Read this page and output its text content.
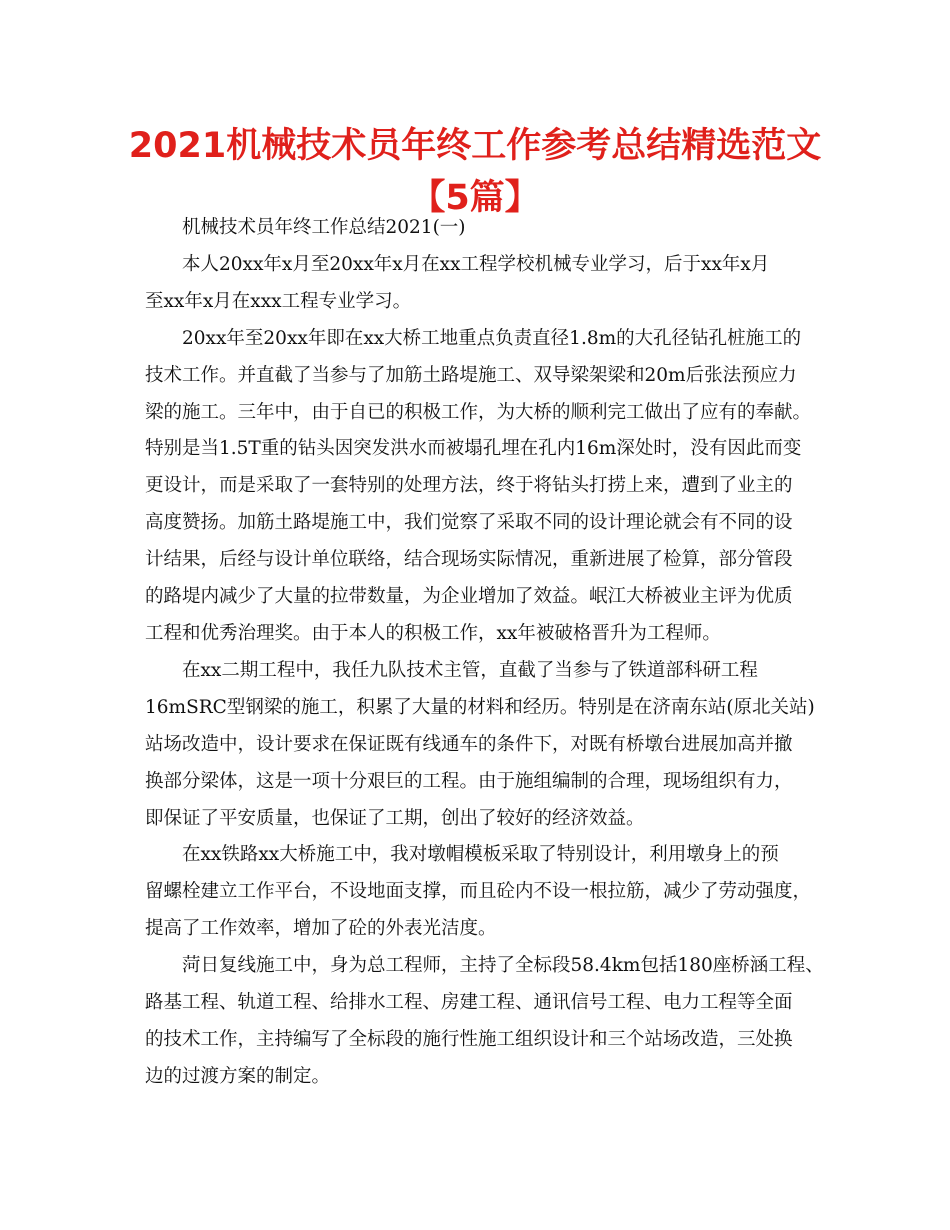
2021机械技术员年终工作参考总结精选范文【5篇】

机械技术员年终工作总结2021(一)

本人20xx年x月至20xx年x月在xx工程学校机械专业学习，后于xx年x月
至xx年x月在xxx工程专业学习。

20xx年至20xx年即在xx大桥工地重点负责直径1.8m的大孔径钻孔桩施工的
技术工作。并直截了当参与了加筋土路堤施工、双导梁架梁和20m后张法预应力
梁的施工。三年中，由于自已的积极工作，为大桥的顺利完工做出了应有的奉献。
特别是当1.5T重的钻头因突发洪水而被塌孔埋在孔内16m深处时，没有因此而变
更设计，而是采取了一套特别的处理方法，终于将钻头打捞上来，遭到了业主的
高度赞扬。加筋土路堤施工中，我们觉察了采取不同的设计理论就会有不同的设
计结果，后经与设计单位联络，结合现场实际情况，重新进展了检算，部分管段
的路堤内减少了大量的拉带数量，为企业增加了效益。岷江大桥被业主评为优质
工程和优秀治理奖。由于本人的积极工作，xx年被破格晋升为工程师。

在xx二期工程中，我任九队技术主管，直截了当参与了铁道部科研工程
16mSRC型钢梁的施工，积累了大量的材料和经历。特别是在济南东站(原北关站)
站场改造中，设计要求在保证既有线通车的条件下，对既有桥墩台进展加高并撤
换部分梁体，这是一项十分艰巨的工程。由于施组编制的合理，现场组织有力，
即保证了平安质量，也保证了工期，创出了较好的经济效益。

在xx铁路xx大桥施工中，我对墩帽模板采取了特别设计，利用墩身上的预
留螺栓建立工作平台，不设地面支撑，而且砼内不设一根拉筋，减少了劳动强度，
提高了工作效率，增加了砼的外表光洁度。

菏日复线施工中，身为总工程师，主持了全标段58.4km包括180座桥涵工程、
路基工程、轨道工程、给排水工程、房建工程、通讯信号工程、电力工程等全面
的技术工作，主持编写了全标段的施行性施工组织设计和三个站场改造，三处换
边的过渡方案的制定。
